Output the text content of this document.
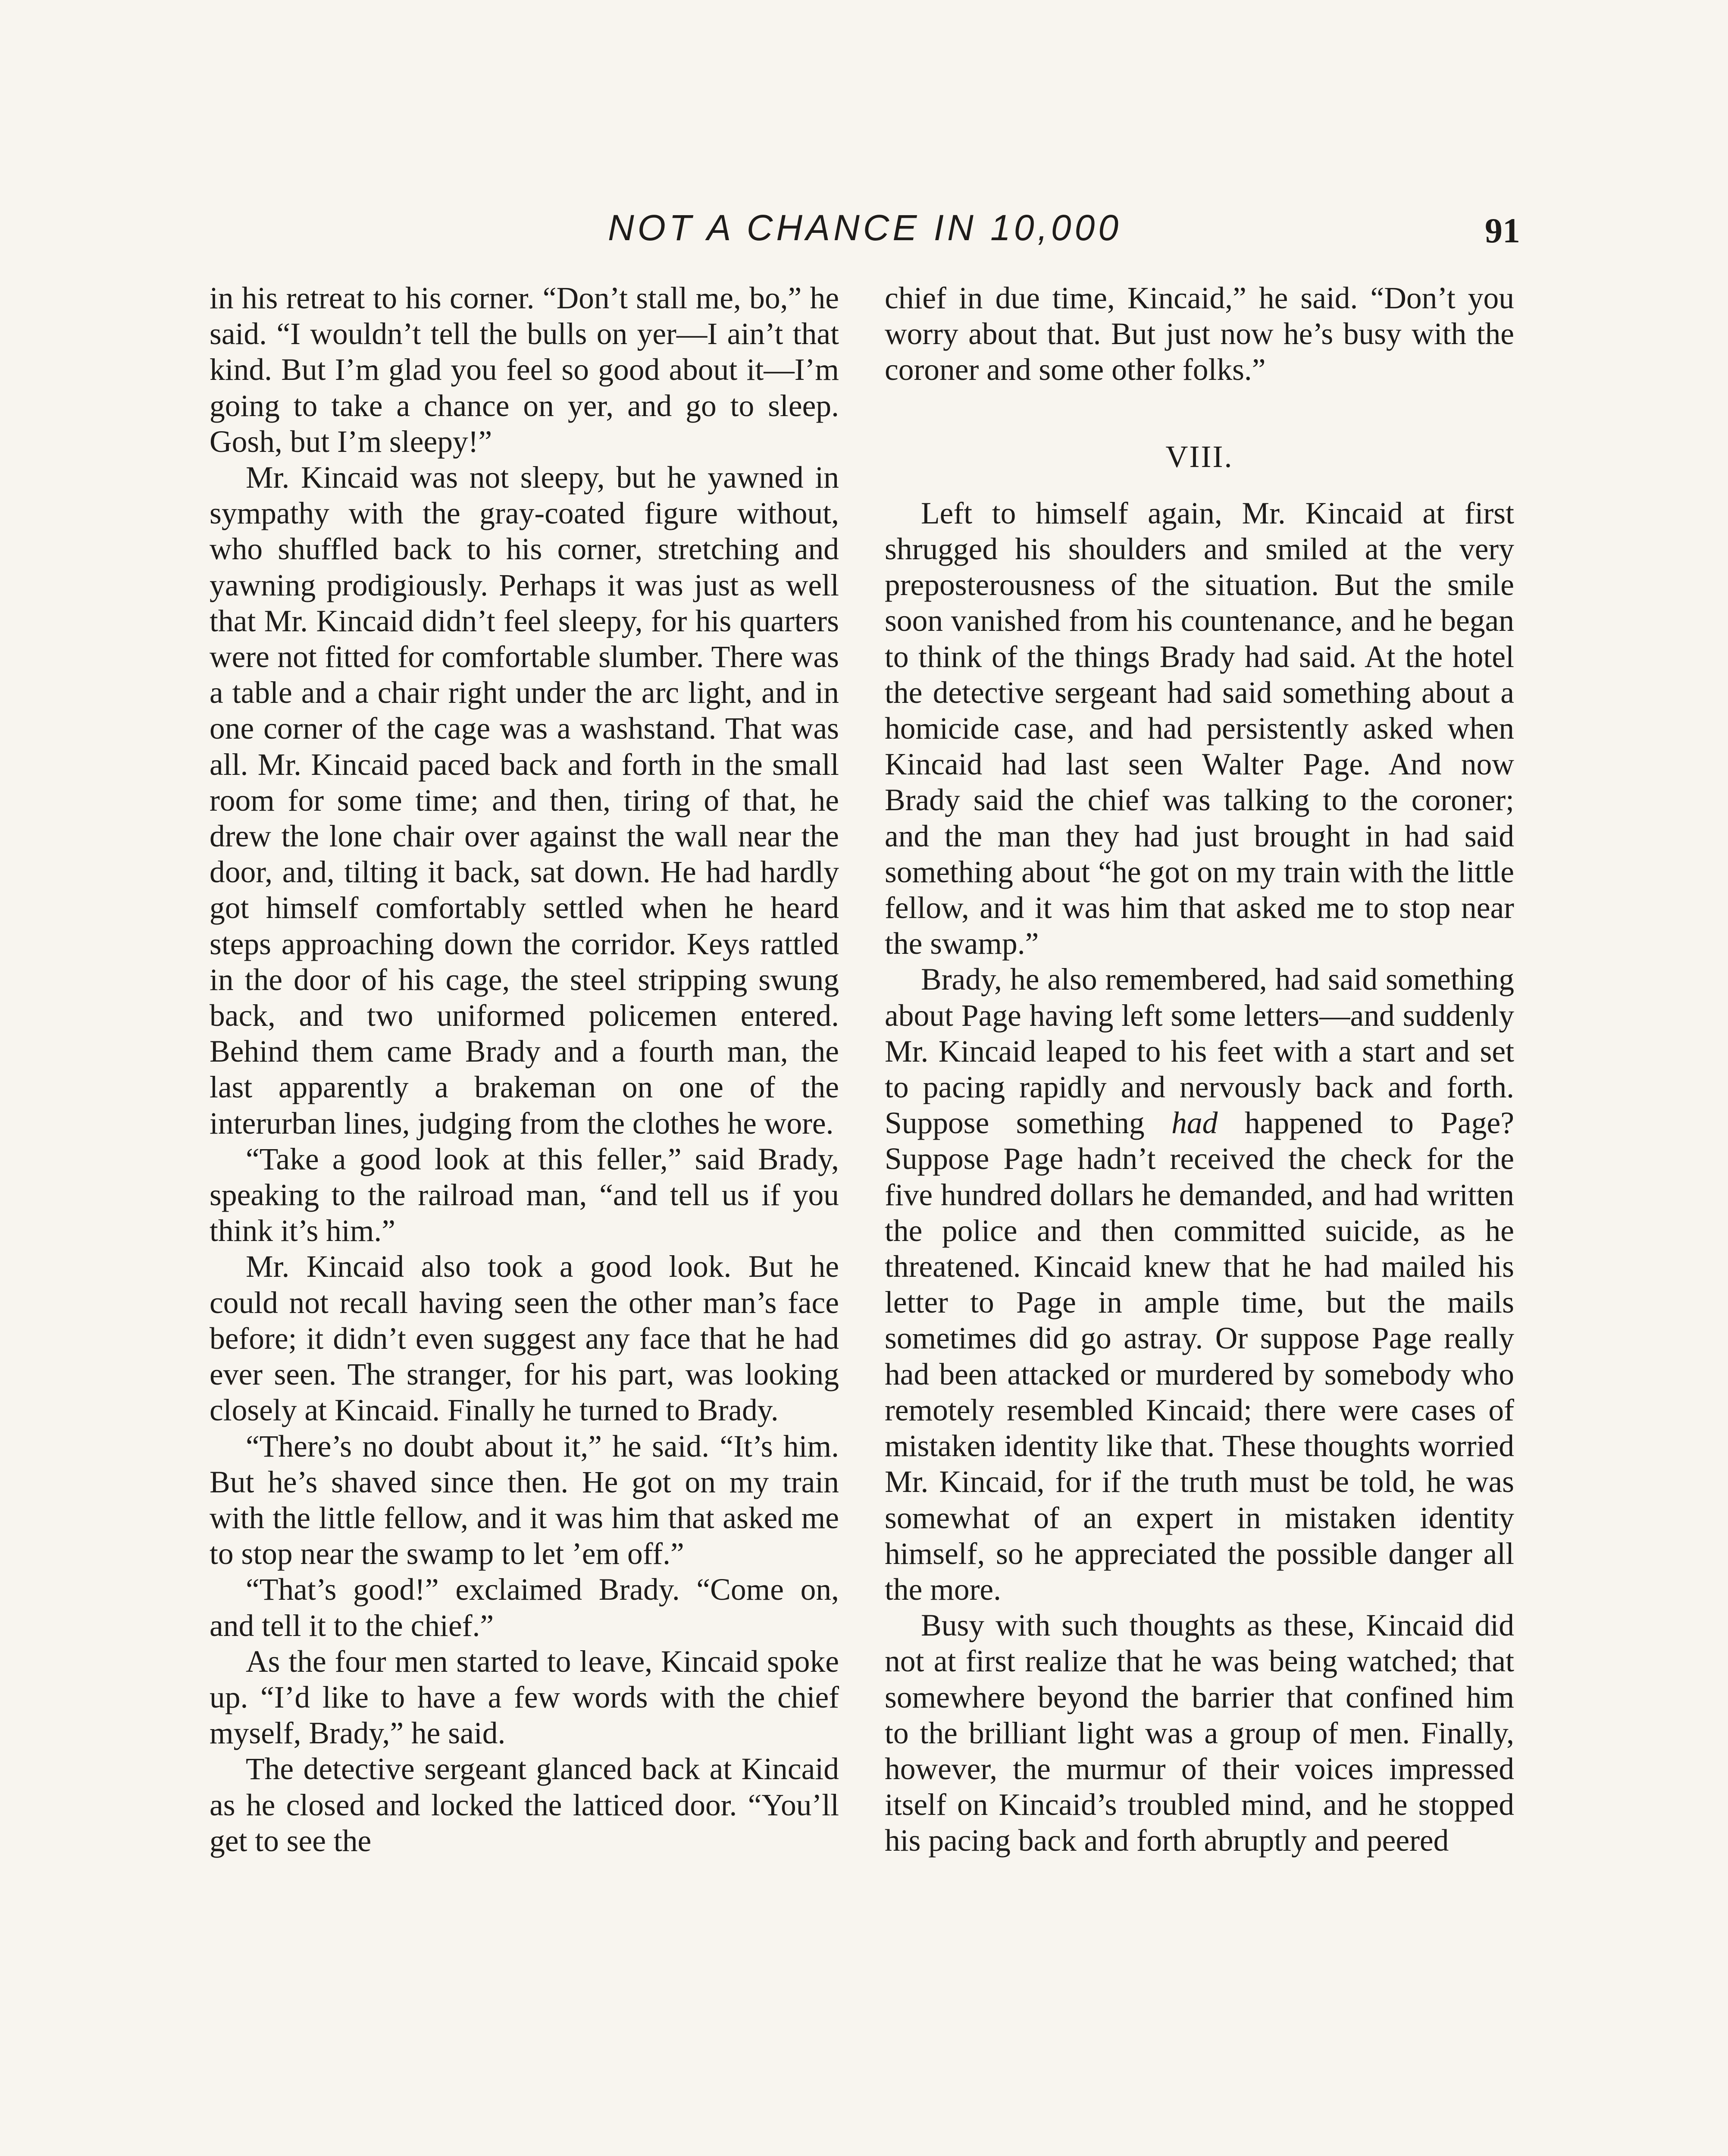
NOT A CHANCE IN 10,000	91

in his retreat to his corner. “Don’t stall me, bo,” he said. “I wouldn’t tell the bulls on yer—I ain’t that kind. But I’m glad you feel so good about it—I’m going to take a chance on yer, and go to sleep. Gosh, but I’m sleepy!”

Mr. Kincaid was not sleepy, but he yawned in sympathy with the gray-coated figure without, who shuffled back to his corner, stretching and yawning prodigiously. Perhaps it was just as well that Mr. Kincaid didn’t feel sleepy, for his quarters were not fitted for comfortable slumber. There was a table and a chair right under the arc light, and in one corner of the cage was a washstand. That was all. Mr. Kincaid paced back and forth in the small room for some time; and then, tiring of that, he drew the lone chair over against the wall near the door, and, tilting it back, sat down. He had hardly got himself comfortably settled when he heard steps approaching down the corridor. Keys rattled in the door of his cage, the steel stripping swung back, and two uniformed policemen entered. Behind them came Brady and a fourth man, the last apparently a brakeman on one of the interurban lines, judging from the clothes he wore.

“Take a good look at this feller,” said Brady, speaking to the railroad man, “and tell us if you think it’s him.”

Mr. Kincaid also took a good look. But he could not recall having seen the other man’s face before; it didn’t even suggest any face that he had ever seen. The stranger, for his part, was looking closely at Kincaid. Finally he turned to Brady.

“There’s no doubt about it,” he said. “It’s him. But he’s shaved since then. He got on my train with the little fellow, and it was him that asked me to stop near the swamp to let ’em off.”

“That’s good!” exclaimed Brady. “Come on, and tell it to the chief.”

As the four men started to leave, Kincaid spoke up. “I’d like to have a few words with the chief myself, Brady,” he said.

The detective sergeant glanced back at Kincaid as he closed and locked the latticed door. “You’ll get to see the

chief in due time, Kincaid,” he said. “Don’t you worry about that. But just now he’s busy with the coroner and some other folks.”

VIII.

Left to himself again, Mr. Kincaid at first shrugged his shoulders and smiled at the very preposterousness of the situation. But the smile soon vanished from his countenance, and he began to think of the things Brady had said. At the hotel the detective sergeant had said something about a homicide case, and had persistently asked when Kincaid had last seen Walter Page. And now Brady said the chief was talking to the coroner; and the man they had just brought in had said something about “he got on my train with the little fellow, and it was him that asked me to stop near the swamp.”

Brady, he also remembered, had said something about Page having left some letters—and suddenly Mr. Kincaid leaped to his feet with a start and set to pacing rapidly and nervously back and forth. Suppose something had happened to Page? Suppose Page hadn’t received the check for the five hundred dollars he demanded, and had written the police and then committed suicide, as he threatened. Kincaid knew that he had mailed his letter to Page in ample time, but the mails sometimes did go astray. Or suppose Page really had been attacked or murdered by somebody who remotely resembled Kincaid; there were cases of mistaken identity like that. These thoughts worried Mr. Kincaid, for if the truth must be told, he was somewhat of an expert in mistaken identity himself, so he appreciated the possible danger all the more.

Busy with such thoughts as these, Kincaid did not at first realize that he was being watched; that somewhere beyond the barrier that confined him to the brilliant light was a group of men. Finally, however, the murmur of their voices impressed itself on Kincaid’s troubled mind, and he stopped his pacing back and forth abruptly and peered
